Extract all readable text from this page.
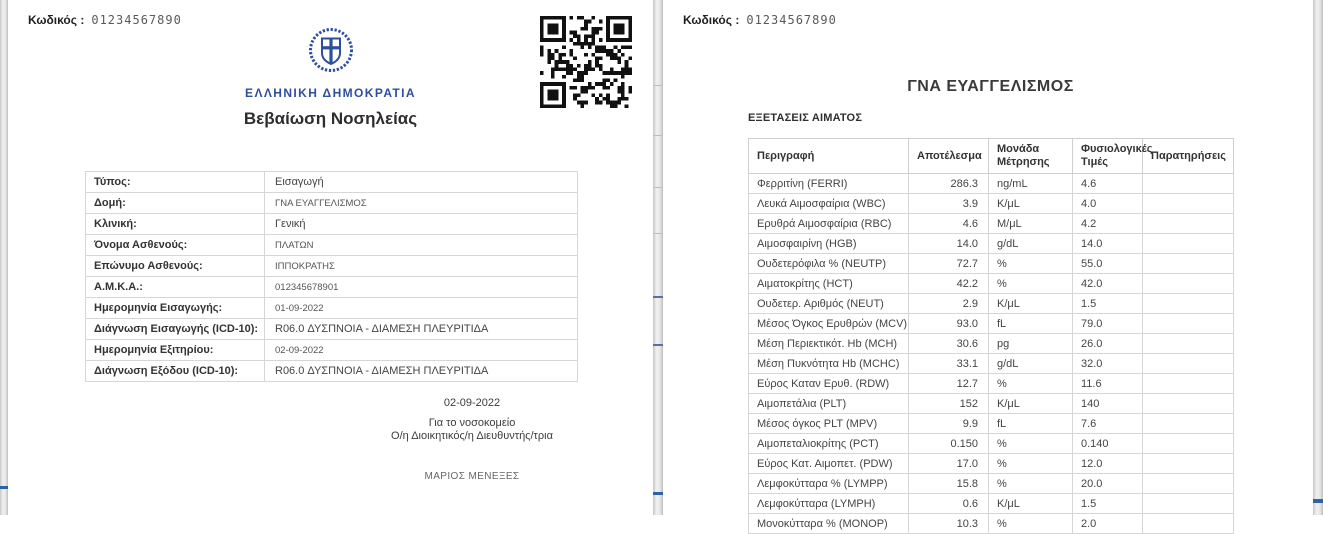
Κωδικός : 01234567890
ΕΛΛΗΝΙΚΗ ΔΗΜΟΚΡΑΤΙΑ
Βεβαίωση Νοσηλείας
Τύπος:	Εισαγωγή
Δομή:	ΓΝΑ ΕΥΑΓΓΕΛΙΣΜΟΣ
Κλινική:	Γενική
Όνομα Ασθενούς:	ΠΛΑΤΩΝ
Επώνυμο Ασθενούς:	ΙΠΠΟΚΡΑΤΗΣ
Α.Μ.Κ.Α.:	012345678901
Ημερομηνία Εισαγωγής:	01-09-2022
Διάγνωση Εισαγωγής (ICD-10):	R06.0 ΔΥΣΠΝΟΙΑ - ΔΙΑΜΕΣΗ ΠΛΕΥΡΙΤΙΔΑ
Ημερομηνία Εξιτηρίου:	02-09-2022
Διάγνωση Εξόδου (ICD-10):	R06.0 ΔΥΣΠΝΟΙΑ - ΔΙΑΜΕΣΗ ΠΛΕΥΡΙΤΙΔΑ
02-09-2022
Για το νοσοκομείο
Ο/η Διοικητικός/η Διευθυντής/τρια
ΜΑΡΙΟΣ ΜΕΝΕΞΕΣ
Κωδικός : 01234567890
ΓΝΑ ΕΥΑΓΓΕΛΙΣΜΟΣ
ΕΞΕΤΑΣΕΙΣ ΑΙΜΑΤΟΣ
Περιγραφή	Αποτέλεσμα	Μονάδα Μέτρησης	Φυσιολογικές Τιμές	Παρατηρήσεις
Φερριτίνη (FERRI)	286.3	ng/mL	4.6	
Λευκά Αιμοσφαίρια (WBC)	3.9	K/μL	4.0	
Ερυθρά Αιμοσφαίρια (RBC)	4.6	M/μL	4.2	
Αιμοσφαιρίνη (HGB)	14.0	g/dL	14.0	
Ουδετερόφιλα % (NEUTP)	72.7	%	55.0	
Αιματοκρίτης (HCT)	42.2	%	42.0	
Ουδετερ. Αριθμός (NEUT)	2.9	K/μL	1.5	
Μέσος Όγκος Ερυθρών (MCV)	93.0	fL	79.0	
Μέση Περιεκτικότ. Hb (MCH)	30.6	pg	26.0	
Μέση Πυκνότητα Hb (MCHC)	33.1	g/dL	32.0	
Εύρος Καταν Ερυθ. (RDW)	12.7	%	11.6	
Αιμοπετάλια (PLT)	152	K/μL	140	
Μέσος όγκος PLT (MPV)	9.9	fL	7.6	
Αιμοπεταλιοκρίτης (PCT)	0.150	%	0.140	
Εύρος Κατ. Αιμοπετ. (PDW)	17.0	%	12.0	
Λεμφοκύτταρα % (LYMPP)	15.8	%	20.0	
Λεμφοκύτταρα (LYMPH)	0.6	K/μL	1.5	
Μονοκύτταρα % (MONOP)	10.3	%	2.0	
